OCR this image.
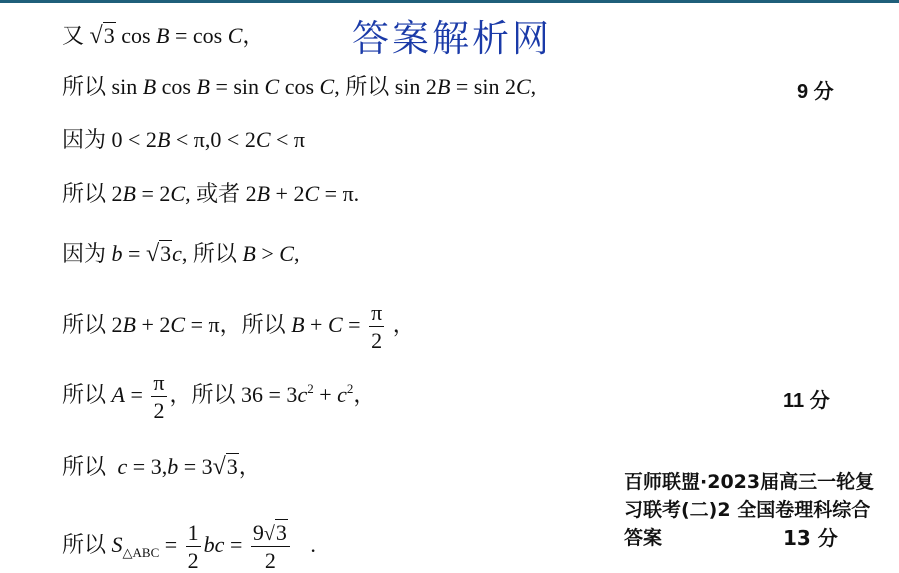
答案解析网
又 √3 cos B = cos C，
所以 sin B cos B = sin C cos C, 所以 sin 2B = sin 2C,	9 分
因为 0 < 2B < π,0 < 2C < π
所以 2B = 2C, 或者 2B + 2C = π.
因为 b = √3c, 所以 B > C,
所以 2B + 2C = π，所以 $B + C = \frac{\pi}{2}$ ，
所以 $A = \frac{\pi}{2}$ ，所以 $36 = 3c^2 + c^2$，	11 分
所以 c = 3,b = 3√3，
所以 $S_{\triangle ABC} = \frac{1}{2}$ bc = $\frac{9√3}{2}$ .
百师联盟·2023届高三一轮复
习联考(二)2 全国卷理科综合
答案	13 分
